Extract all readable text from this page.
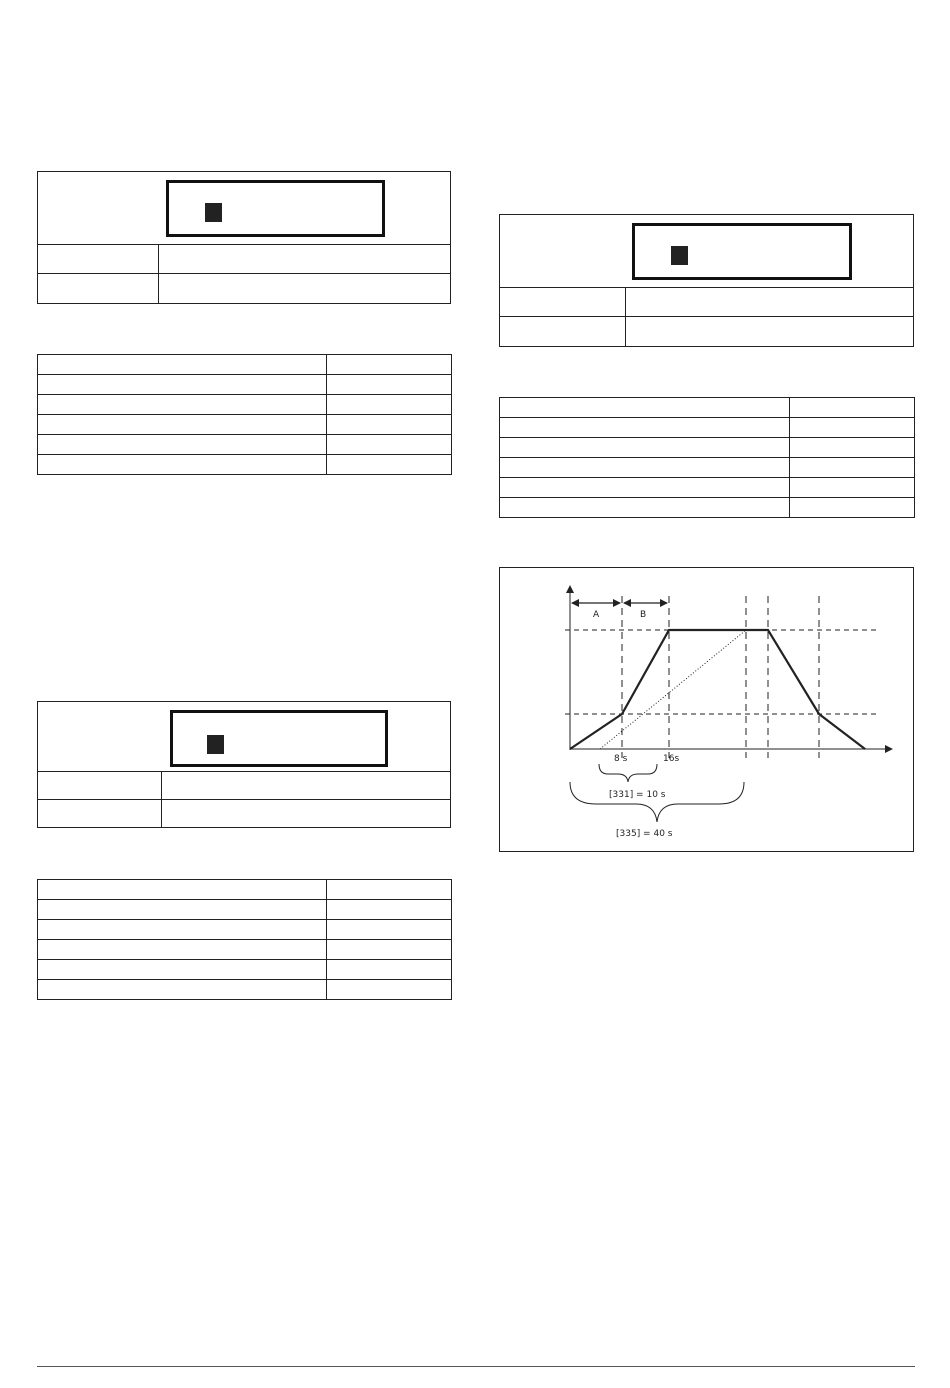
A	B
8 s	16s
[331] = 10 s
[335] = 40 s
